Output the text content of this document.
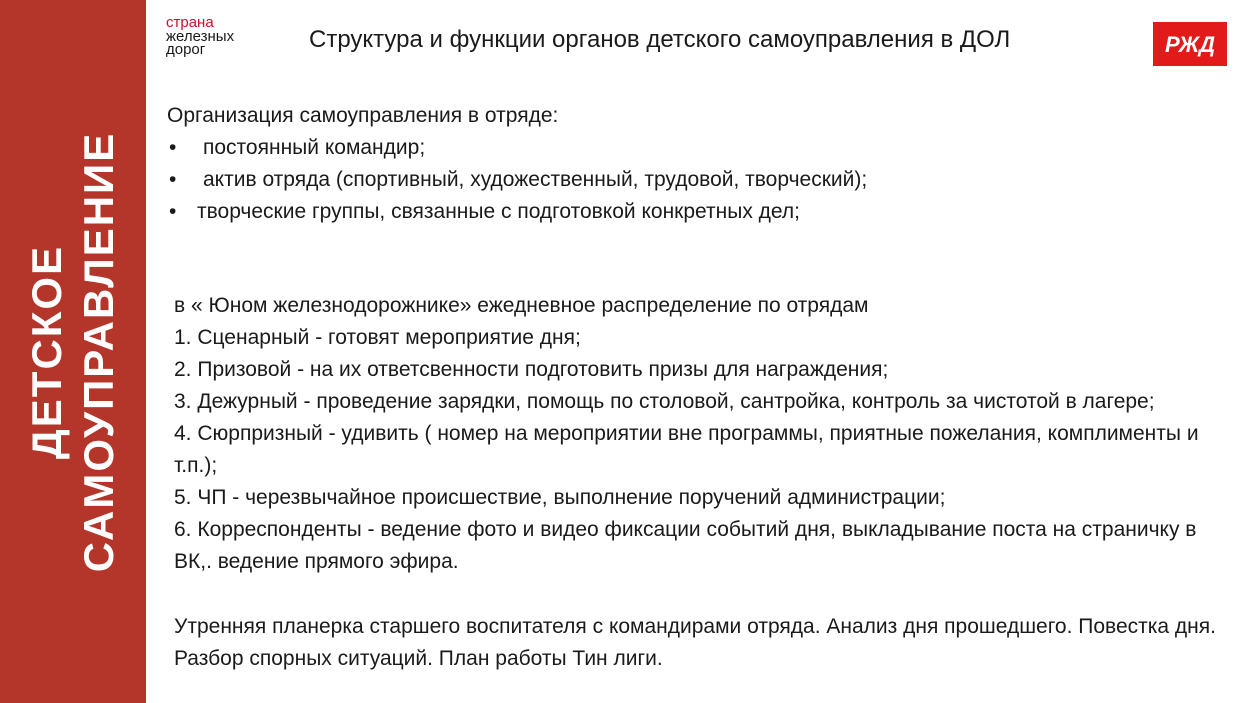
ДЕТСКОЕ САМОУПРАВЛЕНИЕ
страна
железных
дорог	Структура и функции органов детского самоуправления в ДОЛ	РЖД

Организация самоуправления в отряде:

• постоянный командир;
• актив отряда (спортивный, художественный, трудовой, творческий);
• творческие группы, связанные с подготовкой конкретных дел;

в « Юном железнодорожнике» ежедневное распределение по отрядам

1. Сценарный - готовят мероприятие дня;

2. Призовой - на их ответсвенности подготовить призы для награждения;

3. Дежурный - проведение зарядки, помощь по столовой, сантройка, контроль за чистотой в лагере;

4. Сюрпризный - удивить ( номер на мероприятии вне программы, приятные пожелания, комплименты и т.п.);

5. ЧП - черезвычайное происшествие, выполнение поручений администрации;

6. Корреспонденты - ведение фото и видео фиксации событий дня, выкладывание поста на страничку в ВК,. ведение прямого эфира.

Утренняя планерка старшего воспитателя с командирами отряда. Анализ дня прошедшего. Повестка дня. Разбор спорных ситуаций. План работы Тин лиги.
